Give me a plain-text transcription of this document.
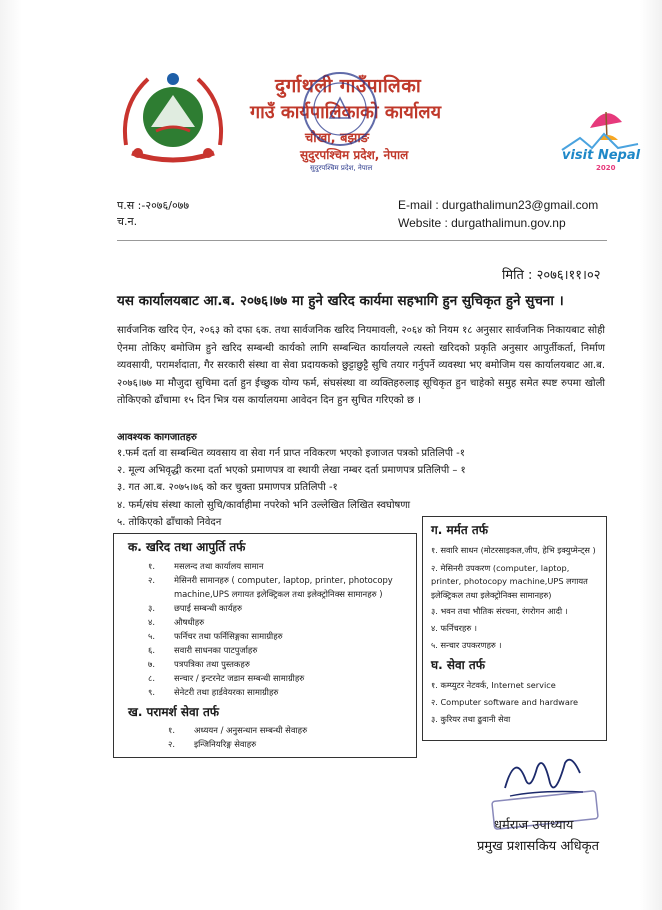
दुर्गाथली गाउँपालिका
गाउँ कार्यपालिकाको कार्यालय
चौखा, बझाङ
सुदुरपश्चिम प्रदेश, नेपाल
सुदुरपश्चिम प्रदेश, नेपाल
visit Nepal
2020
प.स :-२०७६/०७७
च.न.
E-mail : durgathalimun23@gmail.com
Website : durgathalimun.gov.np
मिति : २०७६।११।०२
यस कार्यालयबाट आ.ब. २०७६।७७ मा हुने खरिद कार्यमा सहभागि हुन सुचिकृत हुने सुचना ।
सार्वजनिक खरिद ऐन, २०६३ को दफा ६क. तथा सार्वजनिक खरिद नियमावली, २०६४ को नियम १८ अनुसार सार्वजनिक निकायबाट सोही ऐनमा तोकिए बमोजिम हुने खरिद सम्बन्धी कार्यको लागि सम्बन्धित कार्यालयले त्यस्तो खरिदको प्रकृति अनुसार आपुर्तीकर्ता, निर्माण व्यवसायी, परामर्शदाता, गैर सरकारी संस्था वा सेवा प्रदायकको छुट्टाछुट्टै सुचि तयार गर्नुपर्ने व्यवस्था भए बमोजिम यस कार्यालयबाट आ.ब. २०७६।७७ मा मौजुदा सुचिमा दर्ता हुन ईच्छुक योग्य फर्म, संघसंस्था वा व्यक्तिहरुलाइ सूचिकृत हुन चाहेको समुह समेत स्पष्ट रुपमा खोली तोकिएको ढाँचामा १५ दिन भित्र यस कार्यालयमा आवेदन दिन हुन सुचित गरिएको छ ।
आवश्यक कागजातहरु
१.फर्म दर्ता वा सम्बन्धित व्यवसाय वा सेवा गर्न प्राप्त नविकरण भएको इजाजत पत्रको प्रतिलिपी -१
२. मूल्य अभिवृद्धी करमा दर्ता भएको प्रमाणपत्र वा स्थायी लेखा नम्बर दर्ता प्रमाणपत्र प्रतिलिपी – १
३. गत आ.ब. २०७५।७६ को कर चुक्ता प्रमाणपत्र प्रतिलिपी -१
४. फर्म/संघ संस्था कालो सुचि/कार्वाहीमा नपरेको भनि उल्लेखित लिखित स्वघोषणा
५. तोकिएको ढाँचाको निवेदन
क. खरिद तथा आपुर्ति तर्फ
१.	मसलन्द तथा कार्यालय सामान
२.	मेसिनरी सामानहरु ( computer, laptop, printer, photocopy machine,UPS लगायत इलेक्ट्रिकल तथा इलेक्ट्रोनिक्स सामानहरु )
३.	छपाई सम्बन्धी कार्यहरु
४.	औषधीहरु
५.	फर्निचर तथा फर्निसिङ्गका सामाग्रीहरु
६.	सवारी साधनका पाटपुर्जाहरु
७.	पत्रपत्रिका तथा पुस्तकहरु
८.	सन्चार / इन्टरनेट जडान सम्बन्धी सामाग्रीहरु
९.	सेनेटरी तथा हार्डवेयरका सामाग्रीहरु
ख. परामर्श सेवा तर्फ
१.	अध्ययन / अनुसन्धान सम्बन्धी सेवाहरु
२.	इन्जिनियरिङ्ग सेवाहरु
ग. मर्मत तर्फ
१. सवारि साधन (मोटरसाइकल,जीप, हेभि इक्युप्मेन्ट्स )
२. मेसिनरी उपकरण (computer, laptop, printer, photocopy machine,UPS लगायत इलेक्ट्रिकल तथा इलेक्ट्रोनिक्स सामानहरु)
३. भवन तथा भौतिक संरचना, रंगरोगन आदी ।
४. फर्निचरहरु ।
५. सन्चार उपकरणहरु ।
घ. सेवा तर्फ
१. कम्प्युटर नेटवर्क, Internet service
२. Computer software and hardware
३. कुरियर तथा ढुवानी सेवा
धर्मराज उपाध्याय
प्रमुख प्रशासकिय अधिकृत
